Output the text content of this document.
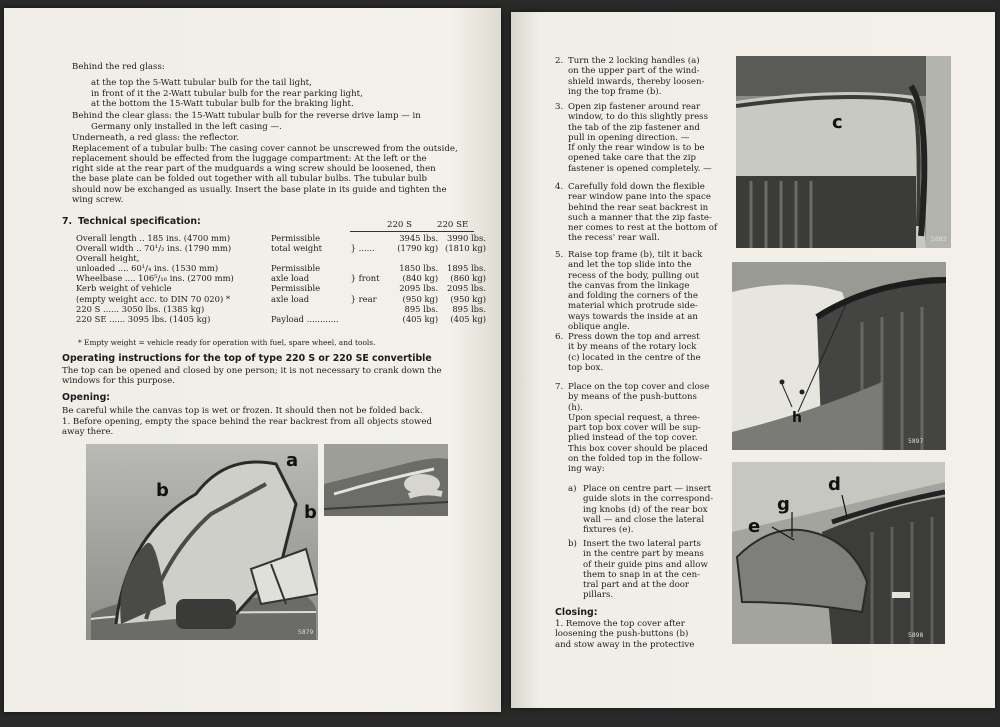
Behind the red glass:
at the top the 5-Watt tubular bulb for the tail light,
in front of it the 2-Watt tubular bulb for the rear parking light,
at the bottom the 15-Watt tubular bulb for the braking light.
Behind the clear glass: the 15-Watt tubular bulb for the reverse drive lamp — in
Germany only installed in the left casing —.
Underneath, a red glass: the reflector.
Replacement of a tubular bulb: The casing cover cannot be unscrewed from the outside,
replacement should be effected from the luggage compartment: At the left or the
right side at the rear part of the mudguards a wing screw should be loosened, then
the base plate can be folded out together with all tubular bulbs. The tubular bulb
should now be exchanged as usually. Insert the base plate in its guide and tighten the
wing screw.
7. Technical specification:	220 S	220 SE
Overall length .. 185 ins. (4700 mm)	Permissible		3945 lbs.	3990 lbs.
Overall width .. 70¹/₂ ins. (1790 mm)	total weight	} ......	(1790 kg)	(1810 kg)
Overall height,				
unloaded .... 60¹/₄ ins. (1530 mm)	Permissible		1850 lbs.	1895 lbs.
Wheelbase .... 106⁵/₁₆ ins. (2700 mm)	axle load	} front	(840 kg)	(860 kg)
Kerb weight of vehicle	Permissible		2095 lbs.	2095 lbs.
(empty weight acc. to DIN 70 020) *	axle load	} rear	(950 kg)	(950 kg)
220 S ...... 3050 lbs. (1385 kg)			895 lbs.	895 lbs.
220 SE ...... 3095 lbs. (1405 kg)	Payload ............		(405 kg)	(405 kg)
* Empty weight = vehicle ready for operation with fuel, spare wheel, and tools.
Operating instructions for the top of type 220 S or 220 SE convertible
The top can be opened and closed by one person; it is not necessary to crank down the
windows for this purpose.
Opening:
Be careful while the canvas top is wet or frozen. It should then not be folded back.
1. Before opening, empty the space behind the rear backrest from all objects stowed
away there.
a
b
b
5879
2. Turn the 2 locking handles (a)
on the upper part of the wind-
shield inwards, thereby loosen-
ing the top frame (b).
3. Open zip fastener around rear
window, to do this slightly press
the tab of the zip fastener and
pull in opening direction. —
If only the rear window is to be
opened take care that the zip
fastener is opened completely. —
4. Carefully fold down the flexible
rear window pane into the space
behind the rear seat backrest in
such a manner that the zip faste-
ner comes to rest at the bottom of
the recess' rear wall.
5. Raise top frame (b), tilt it back
and let the top slide into the
recess of the body, pulling out
the canvas from the linkage
and folding the corners of the
material which protrude side-
ways towards the inside at an
oblique angle.
6. Press down the top and arrest
it by means of the rotary lock
(c) located in the centre of the
top box.
7. Place on the top cover and close
by means of the push-buttons
(h).
Upon special request, a three-
part top box cover will be sup-
plied instead of the top cover.
This box cover should be placed
on the folded top in the follow-
ing way:
a) Place on centre part — insert
guide slots in the correspond-
ing knobs (d) of the rear box
wall — and close the lateral
fixtures (e).
b) Insert the two lateral parts
in the centre part by means
of their guide pins and allow
them to snap in at the cen-
tral part and at the door
pillars.
Closing:
1. Remove the top cover after
loosening the push-buttons (b)
and stow away in the protective
c
5883
h
5897
g
d
e
5898
